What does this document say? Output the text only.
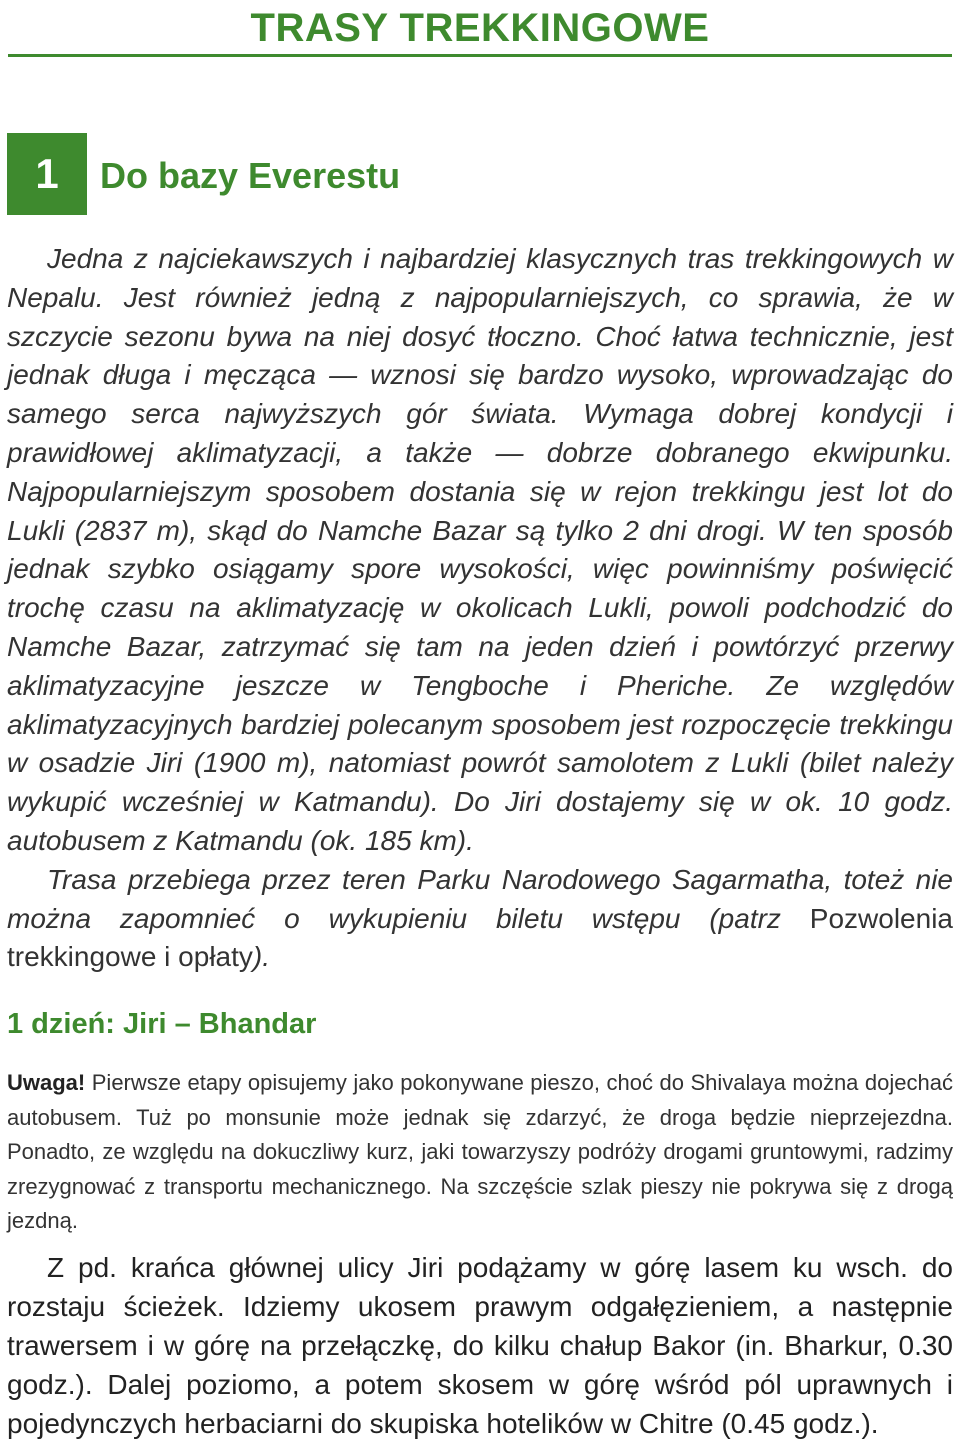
TRASY TREKKINGOWE
1	Do bazy Everestu

Jedna z najciekawszych i najbardziej klasycznych tras trekkingowych w Nepalu. Jest również jedną z najpopularniejszych, co sprawia, że w szczycie sezonu bywa na niej dosyć tłoczno. Choć łatwa technicznie, jest jednak długa i męcząca — wznosi się bardzo wysoko, wprowadzając do samego serca najwyższych gór świata. Wymaga dobrej kondycji i prawidłowej aklimatyzacji, a także — dobrze dobranego ekwipunku. Najpopularniejszym sposobem dostania się w rejon trekkingu jest lot do Lukli (2837 m), skąd do Namche Bazar są tylko 2 dni drogi. W ten sposób jednak szybko osiągamy spore wysokości, więc powinniśmy poświęcić trochę czasu na aklimatyzację w okolicach Lukli, powoli podchodzić do Namche Bazar, zatrzymać się tam na jeden dzień i powtórzyć przerwy aklimatyzacyjne jeszcze w Tengboche i Pheriche. Ze względów aklimatyzacyjnych bardziej polecanym sposobem jest rozpoczęcie trekkingu w osadzie Jiri (1900 m), natomiast powrót samolotem z Lukli (bilet należy wykupić wcześniej w Katmandu). Do Jiri dostajemy się w ok. 10 godz. autobusem z Katmandu (ok. 185 km).

Trasa przebiega przez teren Parku Narodowego Sagarmatha, toteż nie można zapomnieć o wykupieniu biletu wstępu (patrz Pozwolenia trekkingowe i opłaty).

1 dzień: Jiri – Bhandar

Uwaga! Pierwsze etapy opisujemy jako pokonywane pieszo, choć do Shivalaya można dojechać autobusem. Tuż po monsunie może jednak się zdarzyć, że droga będzie nieprzejezdna. Ponadto, ze względu na dokuczliwy kurz, jaki towarzyszy podróży drogami gruntowymi, radzimy zrezygnować z transportu mechanicznego. Na szczęście szlak pieszy nie pokrywa się z drogą jezdną.

Z pd. krańca głównej ulicy Jiri podążamy w górę lasem ku wsch. do rozstaju ścieżek. Idziemy ukosem prawym odgałęzieniem, a następnie trawersem i w górę na przełączkę, do kilku chałup Bakor (in. Bharkur, 0.30 godz.). Dalej poziomo, a potem skosem w górę wśród pól uprawnych i pojedynczych herbaciarni do skupiska hotelików w Chitre (0.45 godz.).
